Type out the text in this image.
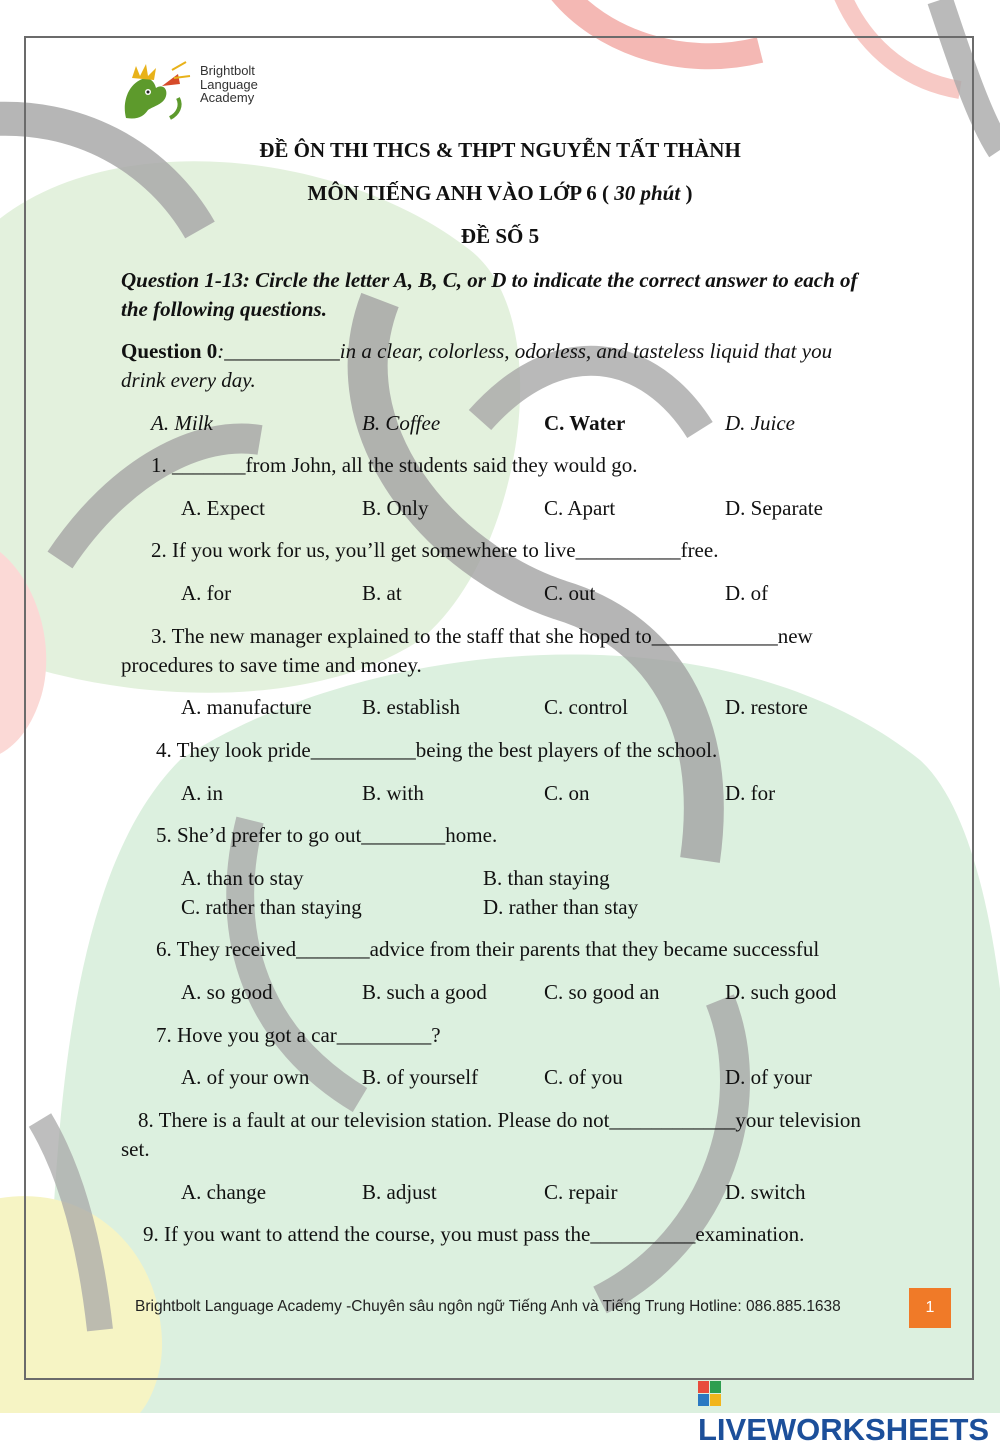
Brightbolt
Language
Academy
ĐỀ ÔN THI THCS & THPT NGUYỄN TẤT THÀNH
MÔN TIẾNG ANH VÀO LỚP 6 ( 30 phút )
ĐỀ SỐ 5
Question 1-13: Circle the letter A, B, C, or D to indicate the correct answer to each of
the following questions.
Question 0:___________in a clear, colorless, odorless, and tasteless liquid that you
drink every day.
A. Milk	B. Coffee	C. Water	D. Juice
1. _______from John, all the students said they would go.
A. Expect	B. Only	C. Apart	D. Separate
2. If you work for us, you’ll get somewhere to live__________free.
A. for	B. at	C. out	D. of
3. The new manager explained to the staff that she hoped to____________new
procedures to save time and money.
A. manufacture B. establish	C. control	D. restore
4. They look pride__________being the best players of the school.
A. in	B. with	C. on	D. for
5. She’d prefer to go out________home.
A. than to stay	B. than staying
C. rather than staying	D. rather than stay
6. They received_______advice from their parents that they became successful
A. so good	B. such a good	C. so good an	D. such good
7. Hove you got a car_________?
A. of your own	B. of yourself	C. of you	D. of your
8. There is a fault at our television station. Please do not____________your television
set.
A. change	B. adjust	C. repair	D. switch
9. If you want to attend the course, you must pass the__________examination.
Brightbolt Language Academy -Chuyên sâu ngôn ngữ Tiếng Anh và Tiếng Trung Hotline: 086.885.1638	1
LIVEWORKSHEETS
